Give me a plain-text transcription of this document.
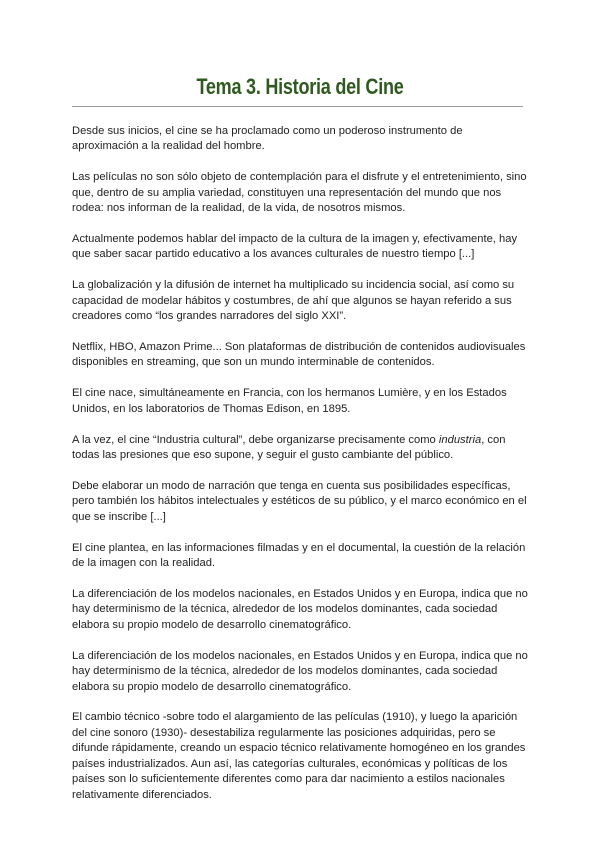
Tema 3. Historia del Cine

Desde sus inicios, el cine se ha proclamado como un poderoso instrumento de aproximación a la realidad del hombre.

Las películas no son sólo objeto de contemplación para el disfrute y el entretenimiento, sino que, dentro de su amplia variedad, constituyen una representación del mundo que nos rodea: nos informan de la realidad, de la vida, de nosotros mismos.

Actualmente podemos hablar del impacto de la cultura de la imagen y, efectivamente, hay que saber sacar partido educativo a los avances culturales de nuestro tiempo [...]

La globalización y la difusión de internet ha multiplicado su incidencia social, así como su capacidad de modelar hábitos y costumbres, de ahí que algunos se hayan referido a sus creadores como “los grandes narradores del siglo XXI”.

Netflix, HBO, Amazon Prime... Son plataformas de distribución de contenidos audiovisuales disponibles en streaming, que son un mundo interminable de contenidos.

El cine nace, simultáneamente en Francia, con los hermanos Lumière, y en los Estados Unidos, en los laboratorios de Thomas Edison, en 1895.

A la vez, el cine “Industria cultural”, debe organizarse precisamente como industria, con todas las presiones que eso supone, y seguir el gusto cambiante del público.

Debe elaborar un modo de narración que tenga en cuenta sus posibilidades específicas, pero también los hábitos intelectuales y estéticos de su público, y el marco económico en el que se inscribe [...]

El cine plantea, en las informaciones filmadas y en el documental, la cuestión de la relación de la imagen con la realidad.

La diferenciación de los modelos nacionales, en Estados Unidos y en Europa, indica que no hay determinismo de la técnica, alrededor de los modelos dominantes, cada sociedad elabora su propio modelo de desarrollo cinematográfico.

La diferenciación de los modelos nacionales, en Estados Unidos y en Europa, indica que no hay determinismo de la técnica, alrededor de los modelos dominantes, cada sociedad elabora su propio modelo de desarrollo cinematográfico.

El cambio técnico -sobre todo el alargamiento de las películas (1910), y luego la aparición del cine sonoro (1930)- desestabiliza regularmente las posiciones adquiridas, pero se difunde rápidamente, creando un espacio técnico relativamente homogéneo en los grandes países industrializados. Aun así, las categorías culturales, económicas y políticas de los países son lo suficientemente diferentes como para dar nacimiento a estilos nacionales relativamente diferenciados.
